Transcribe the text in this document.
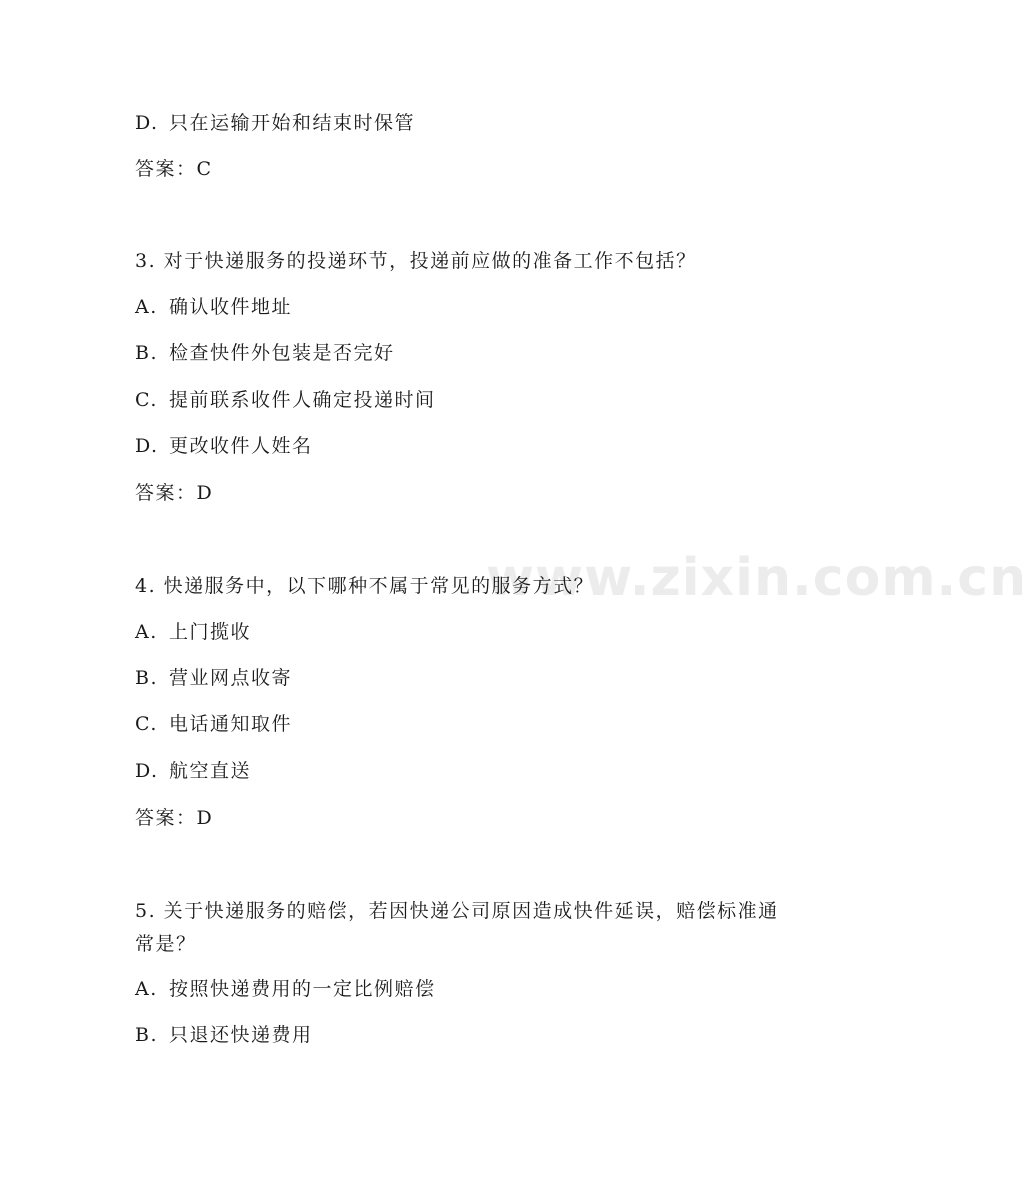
www.zixin.com.cn
D. 只在运输开始和结束时保管
答案：C
3. 对于快递服务的投递环节，投递前应做的准备工作不包括？
A. 确认收件地址
B. 检查快件外包装是否完好
C. 提前联系收件人确定投递时间
D. 更改收件人姓名
答案：D
4. 快递服务中，以下哪种不属于常见的服务方式？
A. 上门揽收
B. 营业网点收寄
C. 电话通知取件
D. 航空直送
答案：D
5. 关于快递服务的赔偿，若因快递公司原因造成快件延误，赔偿标准通常是？
A. 按照快递费用的一定比例赔偿
B. 只退还快递费用
